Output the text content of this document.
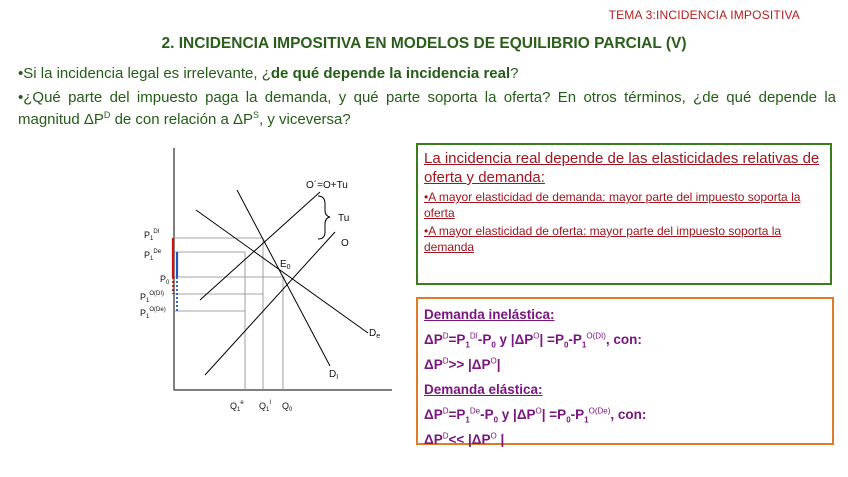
TEMA 3:INCIDENCIA IMPOSITIVA
2. INCIDENCIA IMPOSITIVA EN MODELOS DE EQUILIBRIO PARCIAL (V)
•Si la incidencia legal es irrelevante, ¿de qué depende la incidencia real?
•¿Qué parte del impuesto paga la demanda, y qué parte soporta la oferta? En otros términos, ¿de qué depende la magnitud $\Delta P^D$ de con relación a $\Delta P^S$, y viceversa?
O´=O+Tu
Tu
O
$E_0$
$D_e$
$D_I$
$P_1^{DI}$
$P_1^{De}$
$P_0$
$P_1^{O(DI)}$
$P_1^{O(De)}$
$Q_1^e$ $Q_1^I$ $Q_0$
La incidencia real depende de las elasticidades relativas de oferta y demanda:
•A mayor elasticidad de demanda: mayor parte del impuesto soporta la oferta
•A mayor elasticidad de oferta: mayor parte del impuesto soporta la demanda
Demanda inelástica:
$\Delta P^D=P_1^{DI}-P_0$ y $|\Delta P^O| =P_0-P_1^{O(DI)}$, con:
$\Delta P^D>> |\Delta P^O|$
Demanda elástica:
$\Delta P^D=P_1^{De}-P_0$ y $|\Delta P^O| =P_0-P_1^{O(De)}$, con:
$\Delta P^D<< |\Delta P^O$ |
